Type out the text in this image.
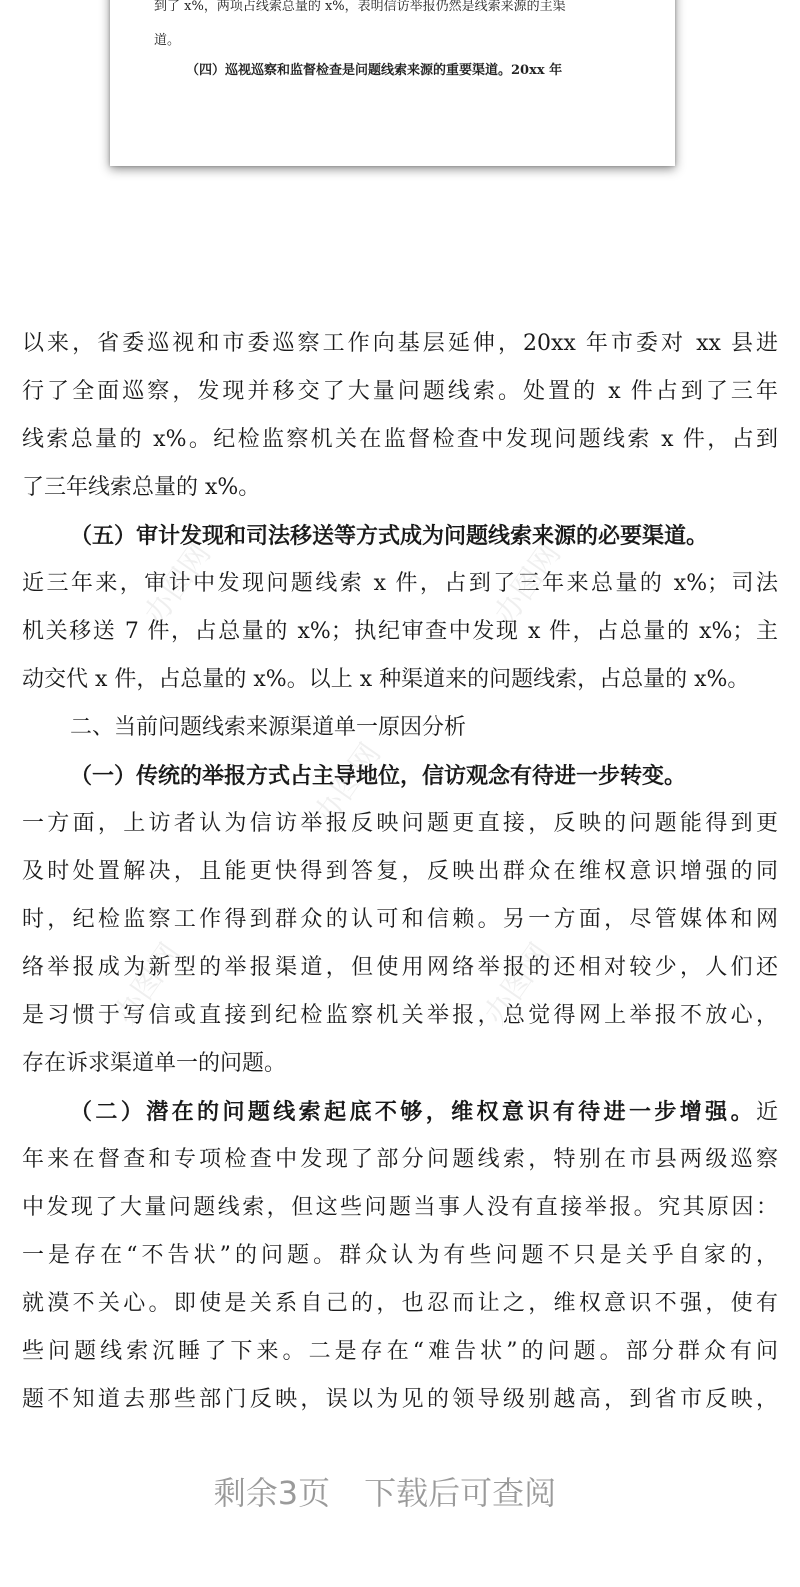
到了 x%，两项占线索总量的 x%，表明信访举报仍然是线索来源的主渠
道。
（四）巡视巡察和监督检查是问题线索来源的重要渠道。20xx 年
办图网	办图网
办图网
办图网	办图网
以来，省委巡视和市委巡察工作向基层延伸，20xx 年市委对 xx 县进
行了全面巡察，发现并移交了大量问题线索。处置的 x 件占到了三年
线索总量的 x%。纪检监察机关在监督检查中发现问题线索 x 件，占到
了三年线索总量的 x%。
（五）审计发现和司法移送等方式成为问题线索来源的必要渠道。
近三年来，审计中发现问题线索 x 件，占到了三年来总量的 x%；司法
机关移送 7 件，占总量的 x%；执纪审查中发现 x 件，占总量的 x%；主
动交代 x 件，占总量的 x%。以上 x 种渠道来的问题线索，占总量的 x%。
二、当前问题线索来源渠道单一原因分析
（一）传统的举报方式占主导地位，信访观念有待进一步转变。
一方面，上访者认为信访举报反映问题更直接，反映的问题能得到更
及时处置解决，且能更快得到答复，反映出群众在维权意识增强的同
时，纪检监察工作得到群众的认可和信赖。另一方面，尽管媒体和网
络举报成为新型的举报渠道，但使用网络举报的还相对较少，人们还
是习惯于写信或直接到纪检监察机关举报，总觉得网上举报不放心，
存在诉求渠道单一的问题。
（二）潜在的问题线索起底不够，维权意识有待进一步增强。近
年来在督查和专项检查中发现了部分问题线索，特别在市县两级巡察
中发现了大量问题线索，但这些问题当事人没有直接举报。究其原因：
一是存在“不告状”的问题。群众认为有些问题不只是关乎自家的，
就漠不关心。即使是关系自己的，也忍而让之，维权意识不强，使有
些问题线索沉睡了下来。二是存在“难告状”的问题。部分群众有问
题不知道去那些部门反映，误以为见的领导级别越高，到省市反映，
剩余3页 下载后可查阅
